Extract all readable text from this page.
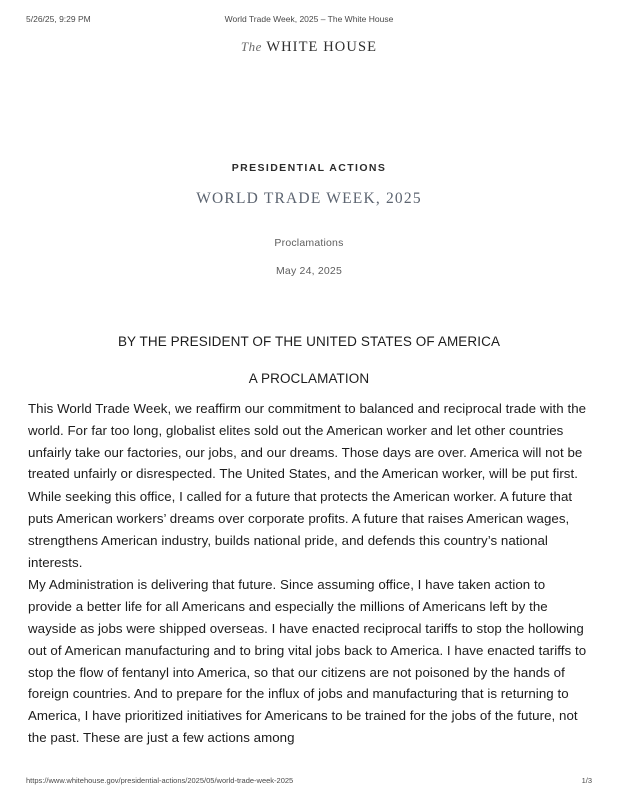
5/26/25, 9:29 PM	World Trade Week, 2025 – The White House
The WHITE HOUSE
PRESIDENTIAL ACTIONS
WORLD TRADE WEEK, 2025
Proclamations
May 24, 2025
BY THE PRESIDENT OF THE UNITED STATES OF AMERICA
A PROCLAMATION

This World Trade Week, we reaffirm our commitment to balanced and reciprocal trade with the world. For far too long, globalist elites sold out the American worker and let other countries unfairly take our factories, our jobs, and our dreams. Those days are over. America will not be treated unfairly or disrespected. The United States, and the American worker, will be put first.

While seeking this office, I called for a future that protects the American worker. A future that puts American workers’ dreams over corporate profits. A future that raises American wages, strengthens American industry, builds national pride, and defends this country’s national interests.

My Administration is delivering that future. Since assuming office, I have taken action to provide a better life for all Americans and especially the millions of Americans left by the wayside as jobs were shipped overseas. I have enacted reciprocal tariffs to stop the hollowing out of American manufacturing and to bring vital jobs back to America. I have enacted tariffs to stop the flow of fentanyl into America, so that our citizens are not poisoned by the hands of foreign countries. And to prepare for the influx of jobs and manufacturing that is returning to America, I have prioritized initiatives for Americans to be trained for the jobs of the future, not the past. These are just a few actions among

https://www.whitehouse.gov/presidential-actions/2025/05/world-trade-week-2025	1/3
